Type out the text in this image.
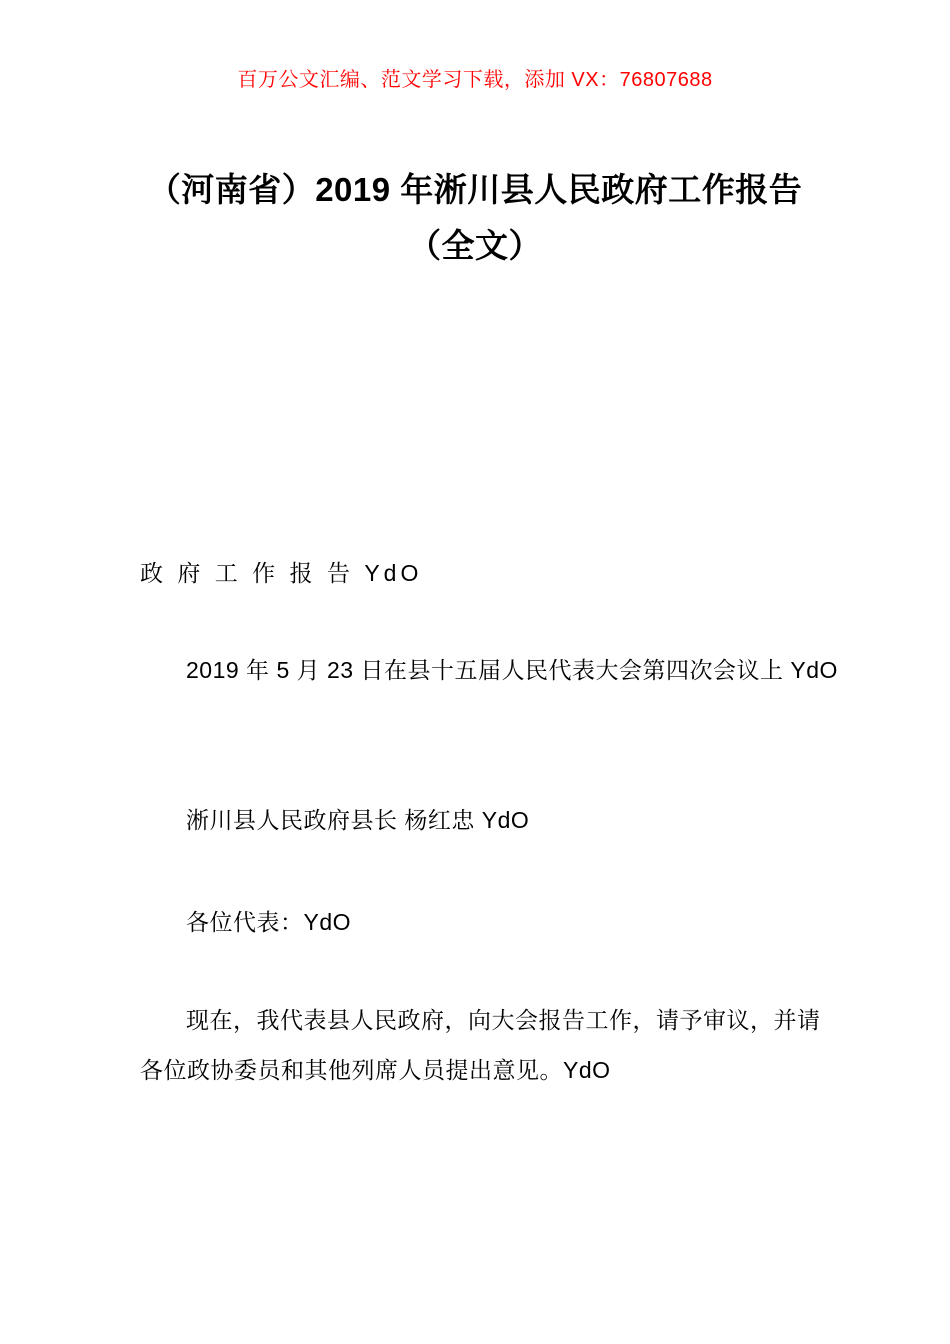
百万公文汇编、范文学习下载，添加 VX：76807688
（河南省）2019 年淅川县人民政府工作报告（全文）
政 府 工 作 报 告 YdO
2019 年 5 月 23 日在县十五届人民代表大会第四次会议上 YdO
淅川县人民政府县长 杨红忠 YdO
各位代表：YdO
现在，我代表县人民政府，向大会报告工作，请予审议，并请各位政协委员和其他列席人员提出意见。YdO
